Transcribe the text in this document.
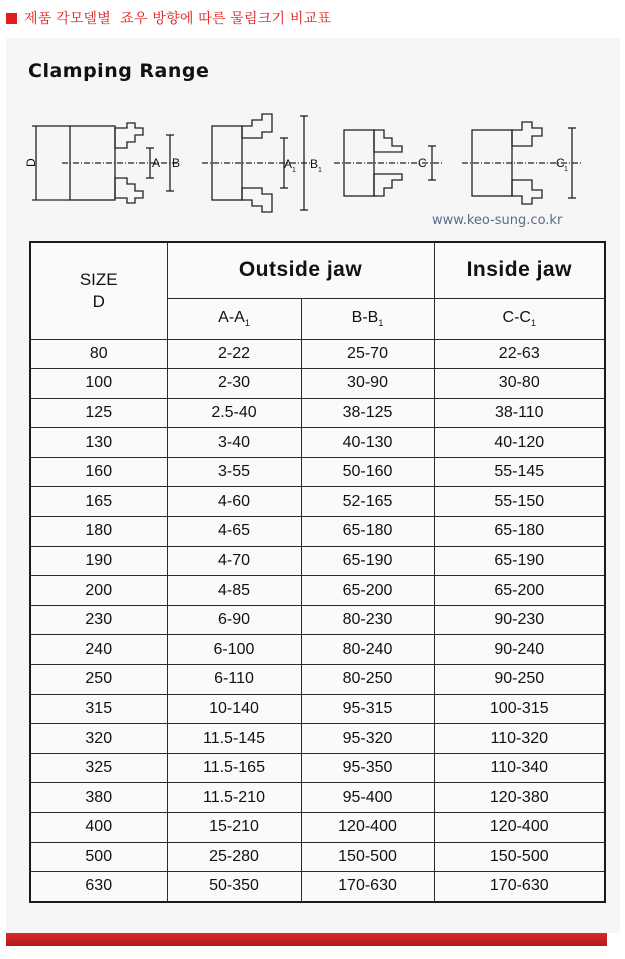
제품 각모델별  죠우 방향에 따른 물림크기 비교표
Clamping Range
D	A B	A 1 B 1
C	C 1
www.keo-sung.co.kr
SIZE
D	Outside jaw		Inside jaw
	$A-A_1$	$B-B_1$	$C-C_1$
80	2-22	25-70	22-63
100	2-30	30-90	30-80
125	2.5-40	38-125	38-110
130	3-40	40-130	40-120
160	3-55	50-160	55-145
165	4-60	52-165	55-150
180	4-65	65-180	65-180
190	4-70	65-190	65-190
200	4-85	65-200	65-200
230	6-90	80-230	90-230
240	6-100	80-240	90-240
250	6-110	80-250	90-250
315	10-140	95-315	100-315
320	11.5-145	95-320	110-320
325	11.5-165	95-350	110-340
380	11.5-210	95-400	120-380
400	15-210	120-400	120-400
500	25-280	150-500	150-500
630	50-350	170-630	170-630
